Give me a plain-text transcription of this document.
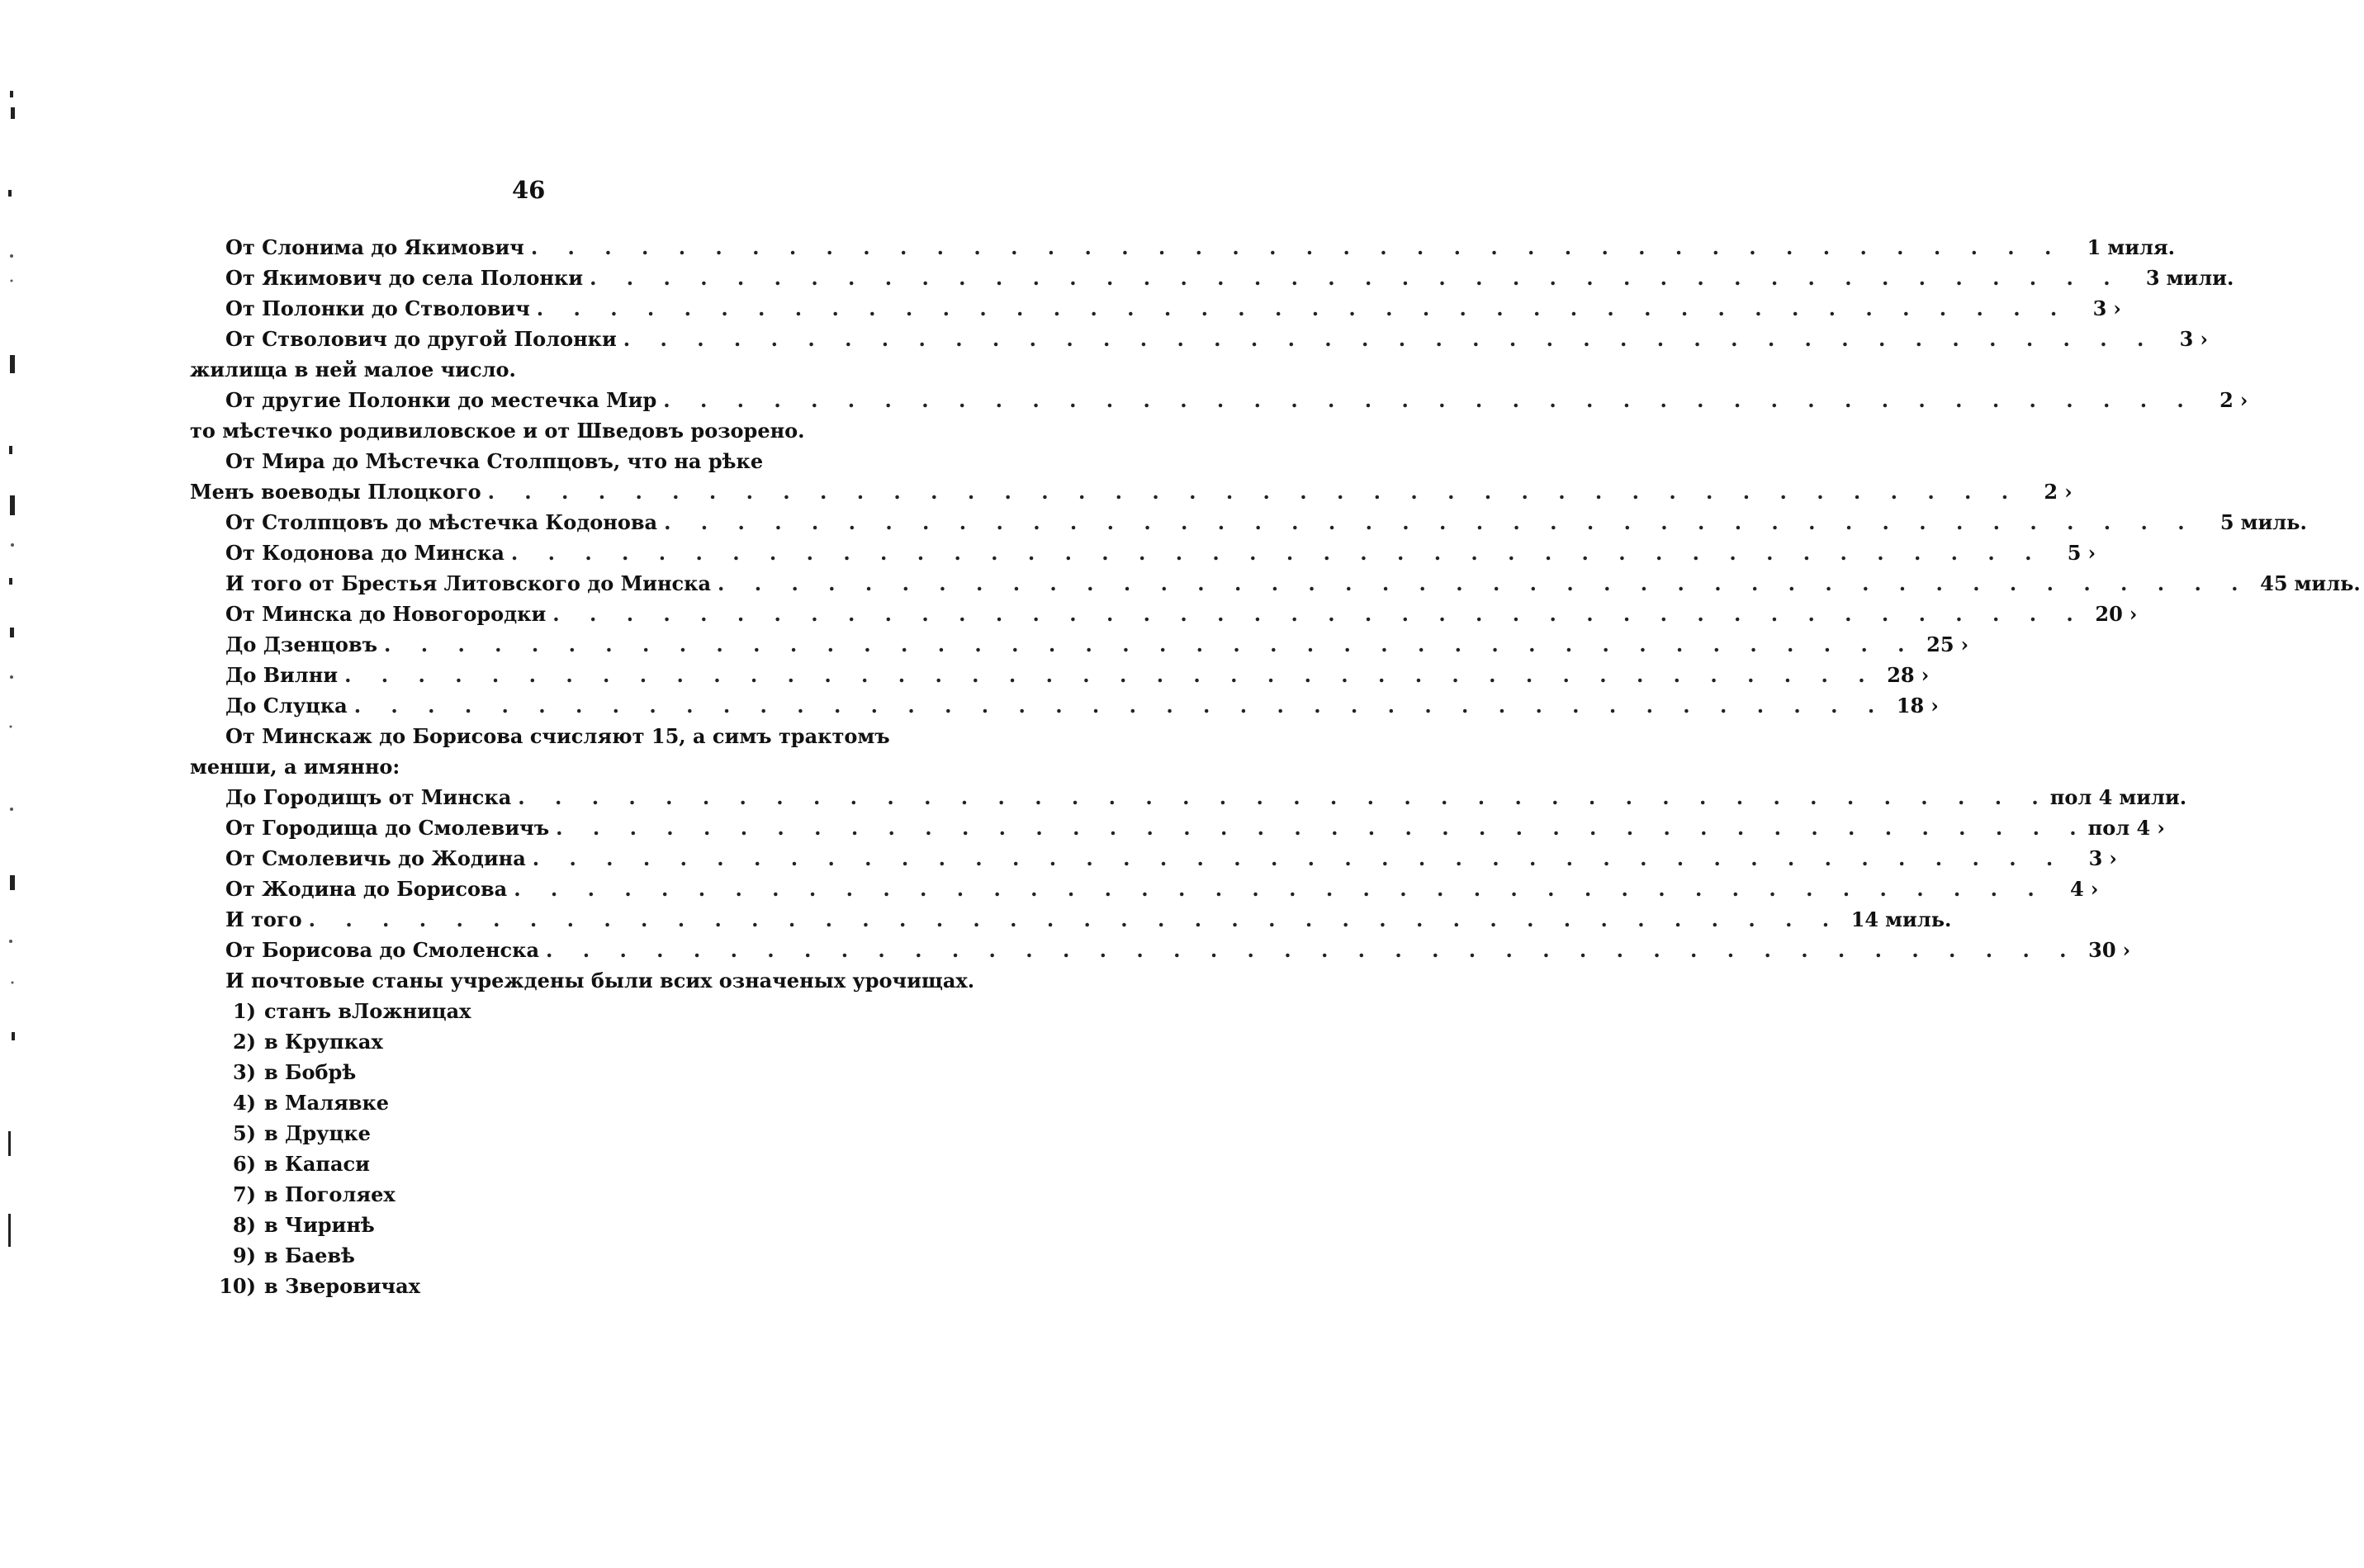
46
От Слонима до Якимович . . . . . . . . . . . . . . . . . . . . . . . . . . . . . . . . . . . . . . . . . .	1 миля.
От Якимович до села Полонки . . . . . . . . . . . . . . . . . . . . . . . . . . . . . . . . . . . . . . . . . .	3 мили.
От Полонки до Стволович . . . . . . . . . . . . . . . . . . . . . . . . . . . . . . . . . . . . . . . . . .	3 ›
От Стволович до другой Полонки . . . . . . . . . . . . . . . . . . . . . . . . . . . . . . . . . . . . . . . . . .	3 ›
жилища в ней малое число.
От другие Полонки до местечка Мир . . . . . . . . . . . . . . . . . . . . . . . . . . . . . . . . . . . . . . . . . .	2 ›
то мѣстечко родивиловское и от Шведовъ розорено.
От Мира до Мѣстечка Столпцовъ, что на рѣке
Менъ воеводы Плоцкого . . . . . . . . . . . . . . . . . . . . . . . . . . . . . . . . . . . . . . . . . .	2 ›
От Столпцовъ до мѣстечка Кодонова . . . . . . . . . . . . . . . . . . . . . . . . . . . . . . . . . . . . . . . . . .	5 миль.
От Кодонова до Минска . . . . . . . . . . . . . . . . . . . . . . . . . . . . . . . . . . . . . . . . . .	5 ›
И того от Брестья Литовского до Минска . . . . . . . . . . . . . . . . . . . . . . . . . . . . . . . . . . . . . . . . . . 45 миль.
От Минска до Новогородки . . . . . . . . . . . . . . . . . . . . . . . . . . . . . . . . . . . . . . . . . . 20 ›
До Дзенцовъ . . . . . . . . . . . . . . . . . . . . . . . . . . . . . . . . . . . . . . . . . . 25 ›
До Вилни . . . . . . . . . . . . . . . . . . . . . . . . . . . . . . . . . . . . . . . . . . 28 ›
До Слуцка . . . . . . . . . . . . . . . . . . . . . . . . . . . . . . . . . . . . . . . . . . 18 ›
От Минскаж до Борисова счисляют 15, а симъ трактомъ
менши, а имянно:
До Городищъ от Минска . . . . . . . . . . . . . . . . . . . . . . . . . . . . . . . . . . . . . . . . . . пол 4 мили.
От Городища до Смолевичъ . . . . . . . . . . . . . . . . . . . . . . . . . . . . . . . . . . . . . . . . . . пол 4 ›
От Смолевичь до Жодина . . . . . . . . . . . . . . . . . . . . . . . . . . . . . . . . . . . . . . . . . .	3 ›
От Жодина до Борисова . . . . . . . . . . . . . . . . . . . . . . . . . . . . . . . . . . . . . . . . . .	4 ›
И того . . . . . . . . . . . . . . . . . . . . . . . . . . . . . . . . . . . . . . . . . . 14 миль.
От Борисова до Смоленска . . . . . . . . . . . . . . . . . . . . . . . . . . . . . . . . . . . . . . . . . . 30 ›
И почтовые станы учреждены были всих означеных урочищах.
1) станъ вЛожницах
2) в Крупках
3) в Бобрѣ
4) в Малявке
5) в Друцке
6) в Капаси
7) в Поголяех
8) в Чиринѣ
9) в Баевѣ
10) в Зверовичах
